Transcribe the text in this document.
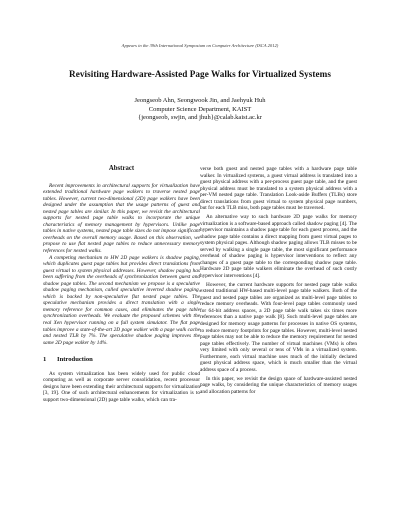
Appears in the 39th International Symposium on Computer Architecture (ISCA 2012)
Revisiting Hardware-Assisted Page Walks for Virtualized Systems
Jeongseob Ahn, Seongwook Jin, and Jaehyuk Huh
Computer Science Department, KAIST
{jeongseob, swjin, and jhuh}@calab.kaist.ac.kr
Abstract

Recent improvements in architectural supports for virtualization have extended traditional hardware page walkers to traverse nested page tables. However, current two-dimensional (2D) page walkers have been designed under the assumption that the usage patterns of guest and nested page tables are similar. In this paper, we revisit the architectural supports for nested page table walks to incorporate the unique characteristics of memory management by hypervisors. Unlike page tables in native systems, nested page table sizes do not impose significant overheads on the overall memory usage. Based on this observation, we propose to use flat nested page tables to reduce unnecessary memory references for nested walks.

A competing mechanism to HW 2D page walkers is shadow paging, which duplicates guest page tables but provides direct translations from guest virtual to system physical addresses. However, shadow paging has been suffering from the overheads of synchronization between guest and shadow page tables. The second mechanism we propose is a speculative shadow paging mechanism, called speculative inverted shadow paging, which is backed by non-speculative flat nested page tables. The speculative mechanism provides a direct translation with a single memory reference for common cases, and eliminates the page table synchronization overheads. We evaluate the proposed schemes with the real Xen hypervisor running on a full system simulator. The flat page tables improve a state-of-the-art 2D page walker with a page walk cache and nested TLB by 7%. The speculative shadow paging improves the same 2D page walker by 14%.

1 Introduction

As system virtualization has been widely used for public cloud computing as well as corporate server consolidation, recent processor designs have been extending their architectural supports for virtualization [3, 19]. One of such architectural enhancements for virtualization is to support two-dimensional (2D) page table walks, which can tra-

verse both guest and nested page tables with a hardware page table walker. In virtualized systems, a guest virtual address is translated into a guest physical address with a per-process guest page table, and the guest physical address must be translated to a system physical address with a per-VM nested page table. Translation Look-aside Buffers (TLBs) store direct translations from guest virtual to system physical page numbers, but for each TLB miss, both page tables must be traversed.

An alternative way to such hardware 2D page walks for memory virtualization is a software-based approach called shadow paging [4]. The hypervisor maintains a shadow page table for each guest process, and the shadow page table contains a direct mapping from guest virtual pages to system physical pages. Although shadow paging allows TLB misses to be served by walking a single page table, the most significant performance overhead of shadow paging is hypervisor interventions to reflect any changes of a guest page table to the corresponding shadow page table. Hardware 2D page table walkers eliminate the overhead of such costly hypervisor interventions [4].

However, the current hardware supports for nested page table walks extend traditional HW-based multi-level page table walkers. Both of the guest and nested page tables are organized as multi-level page tables to reduce memory overheads. With four-level page tables commonly used for 64-bit address spaces, a 2D page table walk takes six times more references than a native page walk [8]. Such multi-level page tables are designed for memory usage patterns for processes in native OS systems, to reduce memory footprints for page tables. However, multi-level nested page tables may not be able to reduce the memory requirement for nested page tables effectively. The number of virtual machines (VMs) is often very limited with only several or tens of VMs in a virtualized system. Furthermore, each virtual machine uses much of the initially declared guest physical address space, which is much smaller than the virtual address space of a process.

In this paper, we revisit the design space of hardware-assisted nested page walks, by considering the unique characteristics of memory usages and allocation patterns for
